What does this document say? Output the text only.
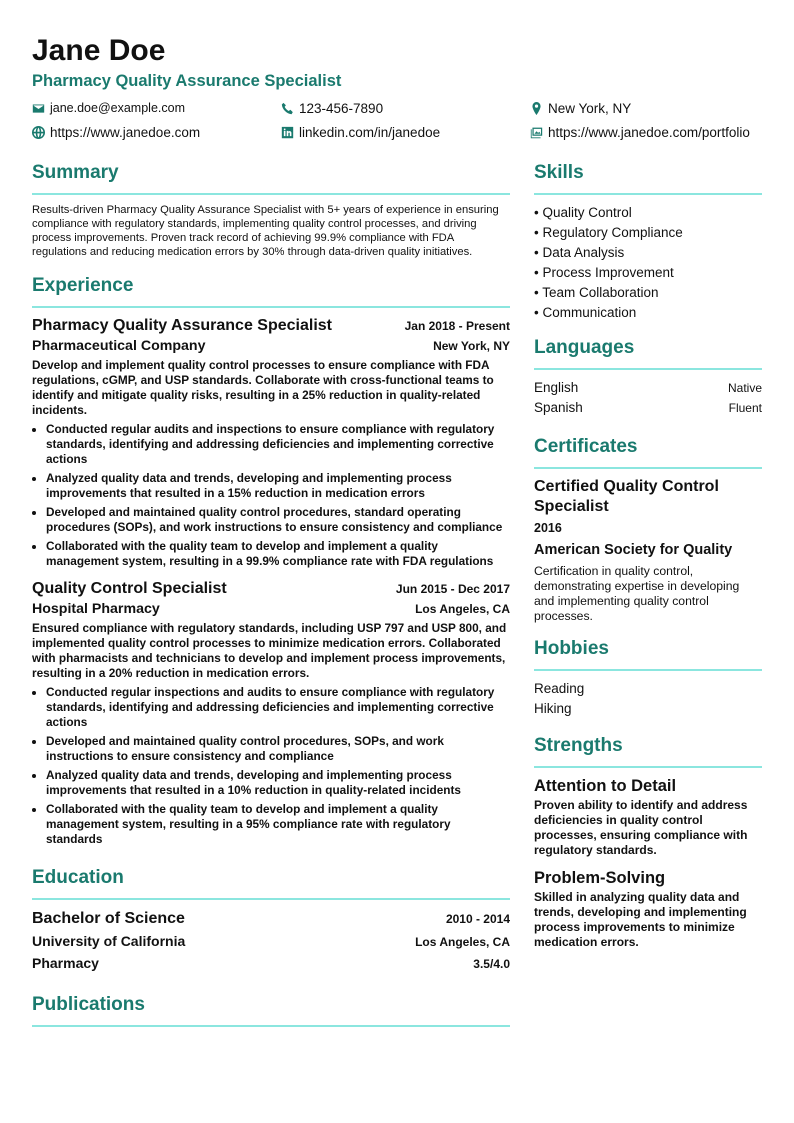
Jane Doe
Pharmacy Quality Assurance Specialist
jane.doe@example.com	123-456-7890	New York, NY
https://www.janedoe.com	linkedin.com/in/janedoe	https://www.janedoe.com/portfolio
Summary
Results-driven Pharmacy Quality Assurance Specialist with 5+ years of experience in ensuring compliance with regulatory standards, implementing quality control processes, and driving process improvements. Proven track record of achieving 99.9% compliance with FDA regulations and reducing medication errors by 30% through data-driven quality initiatives.
Experience
Pharmacy Quality Assurance Specialist	Jan 2018 - Present
Pharmaceutical Company	New York, NY
Develop and implement quality control processes to ensure compliance with FDA regulations, cGMP, and USP standards. Collaborate with cross-functional teams to identify and mitigate quality risks, resulting in a 25% reduction in quality-related incidents.
• Conducted regular audits and inspections to ensure compliance with regulatory standards, identifying and addressing deficiencies and implementing corrective actions
• Analyzed quality data and trends, developing and implementing process improvements that resulted in a 15% reduction in medication errors
• Developed and maintained quality control procedures, standard operating procedures (SOPs), and work instructions to ensure consistency and compliance
• Collaborated with the quality team to develop and implement a quality management system, resulting in a 99.9% compliance rate with FDA regulations
Quality Control Specialist	Jun 2015 - Dec 2017
Hospital Pharmacy	Los Angeles, CA
Ensured compliance with regulatory standards, including USP 797 and USP 800, and implemented quality control processes to minimize medication errors. Collaborated with pharmacists and technicians to develop and implement process improvements, resulting in a 20% reduction in medication errors.
• Conducted regular inspections and audits to ensure compliance with regulatory standards, identifying and addressing deficiencies and implementing corrective actions
• Developed and maintained quality control procedures, SOPs, and work instructions to ensure consistency and compliance
• Analyzed quality data and trends, developing and implementing process improvements that resulted in a 10% reduction in quality-related incidents
• Collaborated with the quality team to develop and implement a quality management system, resulting in a 95% compliance rate with regulatory standards
Education
Bachelor of Science	2010 - 2014
University of California	Los Angeles, CA
Pharmacy	3.5/4.0
Publications
Skills
• Quality Control
• Regulatory Compliance
• Data Analysis
• Process Improvement
• Team Collaboration
• Communication
Languages
English	Native
Spanish	Fluent
Certificates
Certified Quality Control Specialist
2016
American Society for Quality
Certification in quality control, demonstrating expertise in developing and implementing quality control processes.
Hobbies
Reading
Hiking
Strengths
Attention to Detail
Proven ability to identify and address deficiencies in quality control processes, ensuring compliance with regulatory standards.
Problem-Solving
Skilled in analyzing quality data and trends, developing and implementing process improvements to minimize medication errors.
